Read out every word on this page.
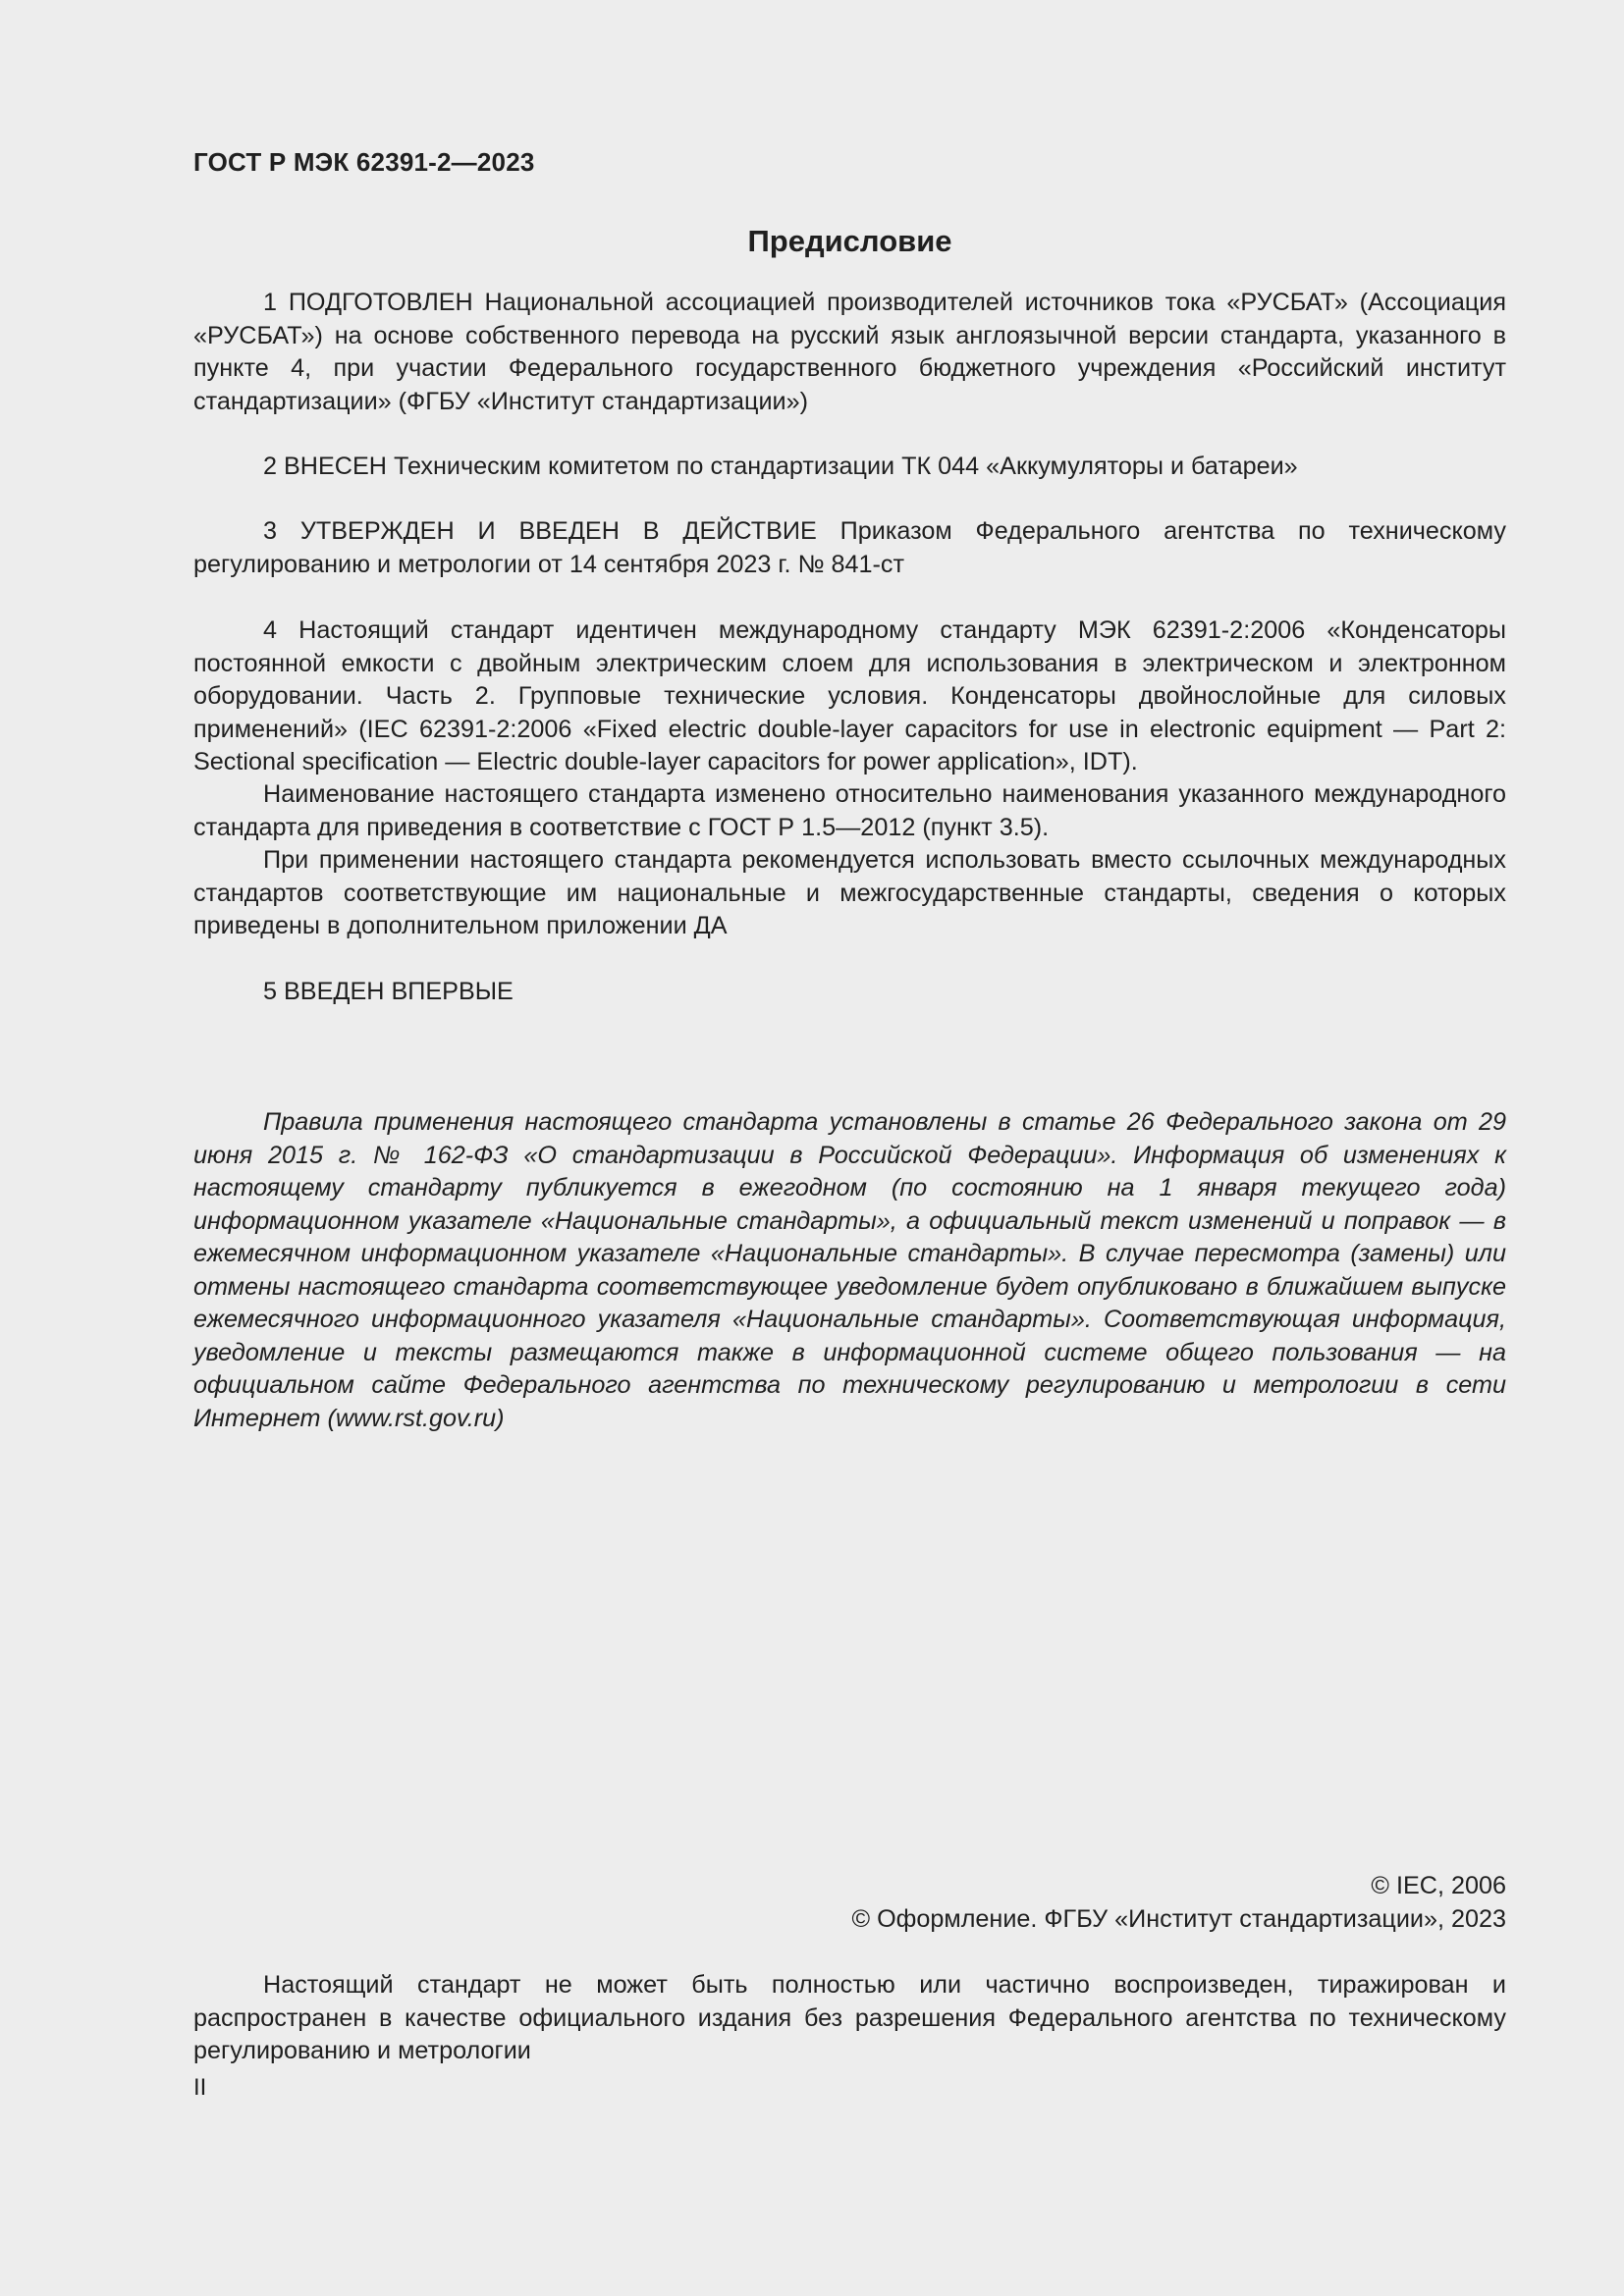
ГОСТ Р МЭК 62391-2—2023
Предисловие

1 ПОДГОТОВЛЕН Национальной ассоциацией производителей источников тока «РУСБАТ» (Ассоциация «РУСБАТ») на основе собственного перевода на русский язык англоязычной версии стандарта, указанного в пункте 4, при участии Федерального государственного бюджетного учреждения «Российский институт стандартизации» (ФГБУ «Институт стандартизации»)

2 ВНЕСЕН Техническим комитетом по стандартизации ТК 044 «Аккумуляторы и батареи»

3 УТВЕРЖДЕН И ВВЕДЕН В ДЕЙСТВИЕ Приказом Федерального агентства по техническому регулированию и метрологии от 14 сентября 2023 г. № 841-ст

4 Настоящий стандарт идентичен международному стандарту МЭК 62391-2:2006 «Конденсаторы постоянной емкости с двойным электрическим слоем для использования в электрическом и электронном оборудовании. Часть 2. Групповые технические условия. Конденсаторы двойнослойные для силовых применений» (IEC 62391-2:2006 «Fixed electric double-layer capacitors for use in electronic equipment — Part 2: Sectional specification — Electric double-layer capacitors for power application», IDT).

Наименование настоящего стандарта изменено относительно наименования указанного международного стандарта для приведения в соответствие с ГОСТ Р 1.5—2012 (пункт 3.5).

При применении настоящего стандарта рекомендуется использовать вместо ссылочных международных стандартов соответствующие им национальные и межгосударственные стандарты, сведения о которых приведены в дополнительном приложении ДА

5 ВВЕДЕН ВПЕРВЫЕ

Правила применения настоящего стандарта установлены в статье 26 Федерального закона от 29 июня 2015 г. № 162-ФЗ «О стандартизации в Российской Федерации». Информация об изменениях к настоящему стандарту публикуется в ежегодном (по состоянию на 1 января текущего года) информационном указателе «Национальные стандарты», а официальный текст изменений и поправок — в ежемесячном информационном указателе «Национальные стандарты». В случае пересмотра (замены) или отмены настоящего стандарта соответствующее уведомление будет опубликовано в ближайшем выпуске ежемесячного информационного указателя «Национальные стандарты». Соответствующая информация, уведомление и тексты размещаются также в информационной системе общего пользования — на официальном сайте Федерального агентства по техническому регулированию и метрологии в сети Интернет (www.rst.gov.ru)

© IEC, 2006
© Оформление. ФГБУ «Институт стандартизации», 2023

Настоящий стандарт не может быть полностью или частично воспроизведен, тиражирован и распространен в качестве официального издания без разрешения Федерального агентства по техническому регулированию и метрологии

II
